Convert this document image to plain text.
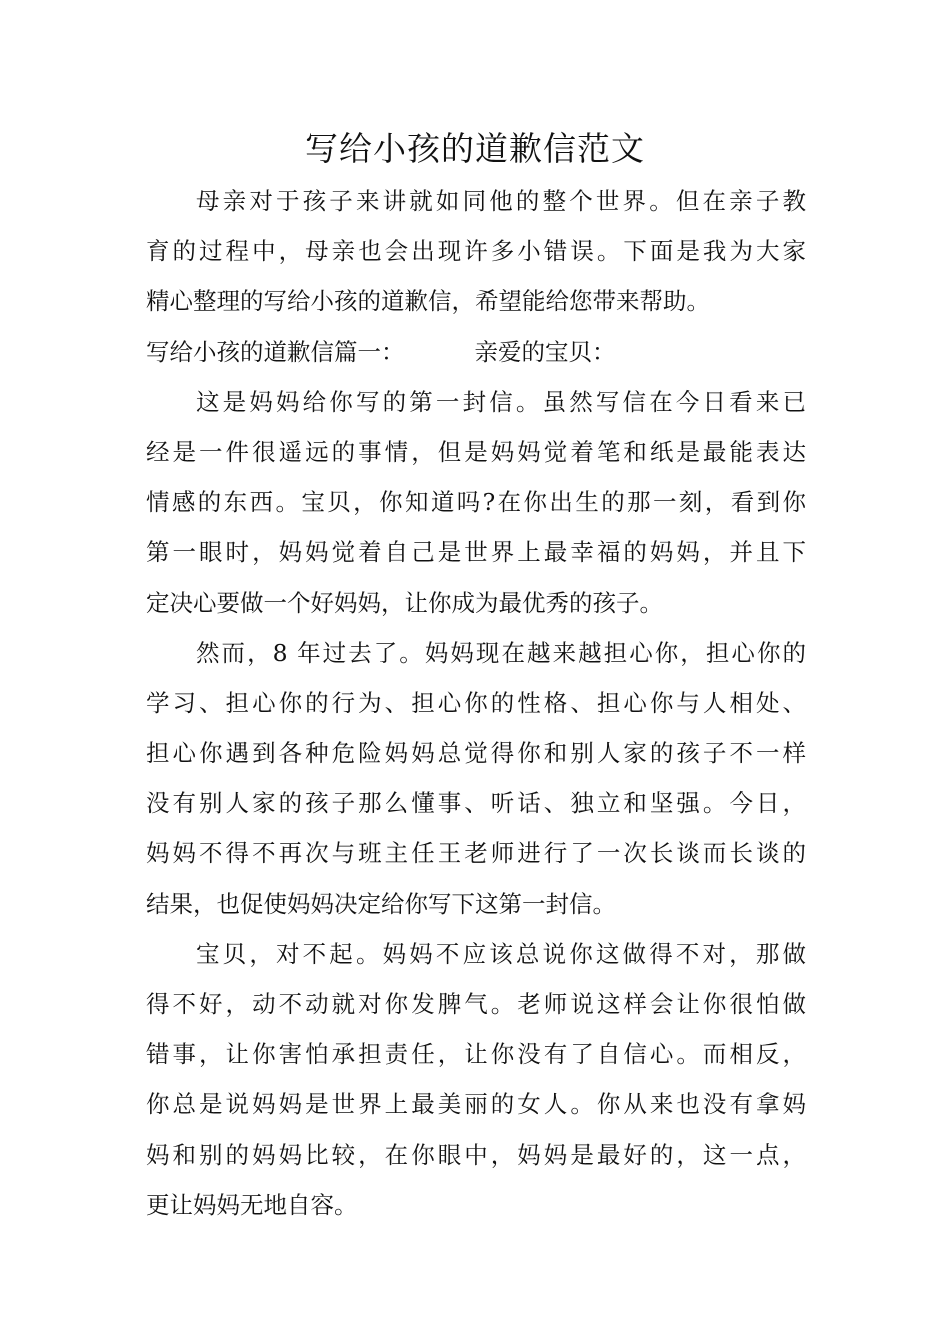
写给小孩的道歉信范文
母亲对于孩子来讲就如同他的整个世界。但在亲子教
育的过程中，母亲也会出现许多小错误。下面是我为大家
精心整理的写给小孩的道歉信，希望能给您带来帮助。
写给小孩的道歉信篇一：	亲爱的宝贝：
这是妈妈给你写的第一封信。虽然写信在今日看来已
经是一件很遥远的事情，但是妈妈觉着笔和纸是最能表达
情感的东西。宝贝，你知道吗?在你出生的那一刻，看到你
第一眼时，妈妈觉着自己是世界上最幸福的妈妈，并且下
定决心要做一个好妈妈，让你成为最优秀的孩子。
然而，8 年过去了。妈妈现在越来越担心你，担心你的
学习、担心你的行为、担心你的性格、担心你与人相处、
担心你遇到各种危险妈妈总觉得你和别人家的孩子不一样
没有别人家的孩子那么懂事、听话、独立和坚强。今日，
妈妈不得不再次与班主任王老师进行了一次长谈而长谈的
结果，也促使妈妈决定给你写下这第一封信。
宝贝，对不起。妈妈不应该总说你这做得不对，那做
得不好，动不动就对你发脾气。老师说这样会让你很怕做
错事，让你害怕承担责任，让你没有了自信心。而相反，
你总是说妈妈是世界上最美丽的女人。你从来也没有拿妈
妈和别的妈妈比较，在你眼中，妈妈是最好的，这一点，
更让妈妈无地自容。
